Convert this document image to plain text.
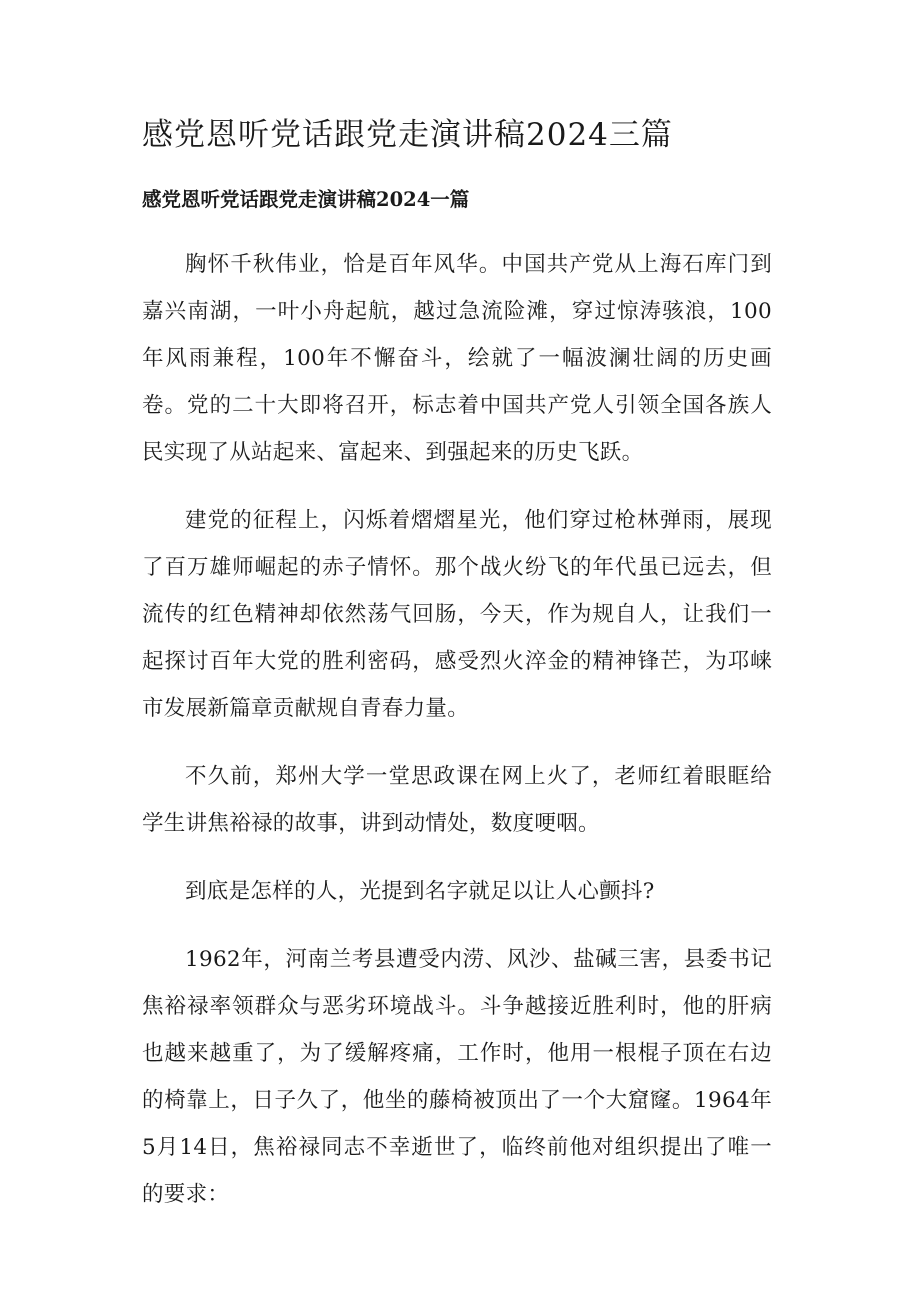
感党恩听党话跟党走演讲稿2024三篇
感党恩听党话跟党走演讲稿2024一篇

胸怀千秋伟业，恰是百年风华。中国共产党从上海石库门到嘉兴南湖，一叶小舟起航，越过急流险滩，穿过惊涛骇浪，100年风雨兼程，100年不懈奋斗，绘就了一幅波澜壮阔的历史画卷。党的二十大即将召开，标志着中国共产党人引领全国各族人民实现了从站起来、富起来、到强起来的历史飞跃。

建党的征程上，闪烁着熠熠星光，他们穿过枪林弹雨，展现了百万雄师崛起的赤子情怀。那个战火纷飞的年代虽已远去，但流传的红色精神却依然荡气回肠，今天，作为规自人，让我们一起探讨百年大党的胜利密码，感受烈火淬金的精神锋芒，为邛崃市发展新篇章贡献规自青春力量。

不久前，郑州大学一堂思政课在网上火了，老师红着眼眶给学生讲焦裕禄的故事，讲到动情处，数度哽咽。

到底是怎样的人，光提到名字就足以让人心颤抖?

1962年，河南兰考县遭受内涝、风沙、盐碱三害，县委书记焦裕禄率领群众与恶劣环境战斗。斗争越接近胜利时，他的肝病也越来越重了，为了缓解疼痛，工作时，他用一根棍子顶在右边的椅靠上，日子久了，他坐的藤椅被顶出了一个大窟窿。1964年5月14日，焦裕禄同志不幸逝世了，临终前他对组织提出了唯一的要求：
